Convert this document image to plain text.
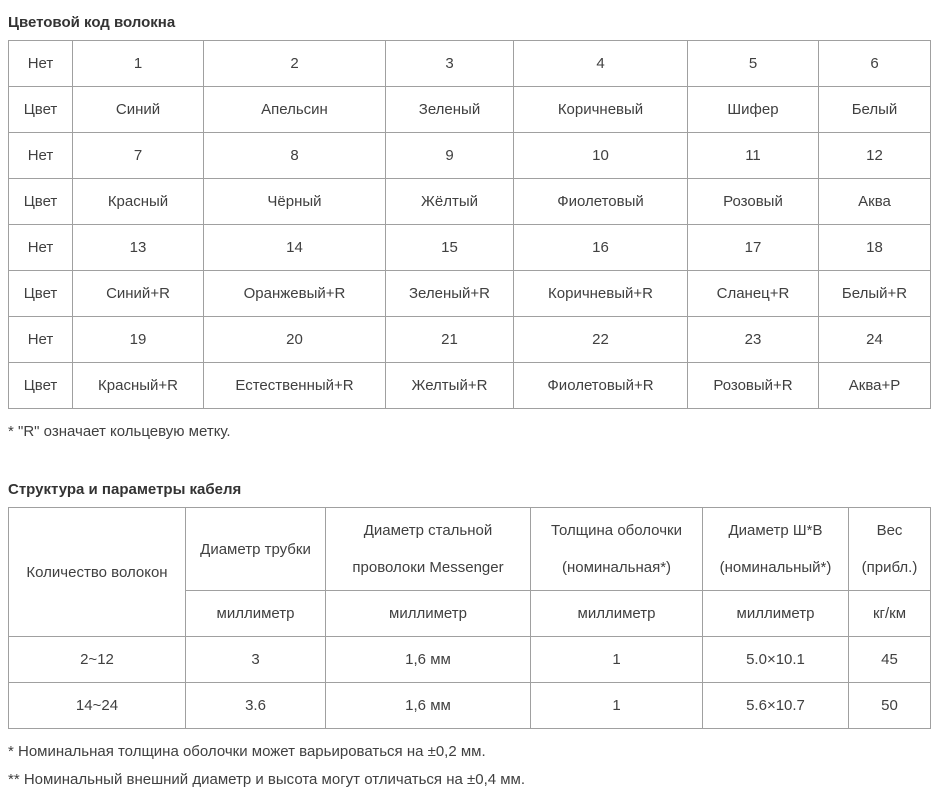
Цветовой код волокна
Нет	1	2	3	4	5	6
Цвет	Синий	Апельсин	Зеленый	Коричневый	Шифер	Белый
Нет	7	8	9	10	11	12
Цвет	Красный	Чёрный	Жёлтый	Фиолетовый	Розовый	Аква
Нет	13	14	15	16	17	18
Цвет	Синий+R	Оранжевый+R	Зеленый+R	Коричневый+R	Сланец+R	Белый+R
Нет	19	20	21	22	23	24
Цвет	Красный+R	Естественный+R	Желтый+R	Фиолетовый+R	Розовый+R	Аква+Р

* "R" означает кольцевую метку.

Структура и параметры кабеля
Количество волокон	Диаметр трубки	Диаметр стальной проволоки Messenger	Толщина оболочки (номинальная*)	Диаметр Ш*В (номинальный*)	Вес (прибл.)
	миллиметр	миллиметр	миллиметр	миллиметр	кг/км
2~12	3	1,6 мм	1	5.0×10.1	45
14~24	3.6	1,6 мм	1	5.6×10.7	50

* Номинальная толщина оболочки может варьироваться на ±0,2 мм.

** Номинальный внешний диаметр и высота могут отличаться на ±0,4 мм.
